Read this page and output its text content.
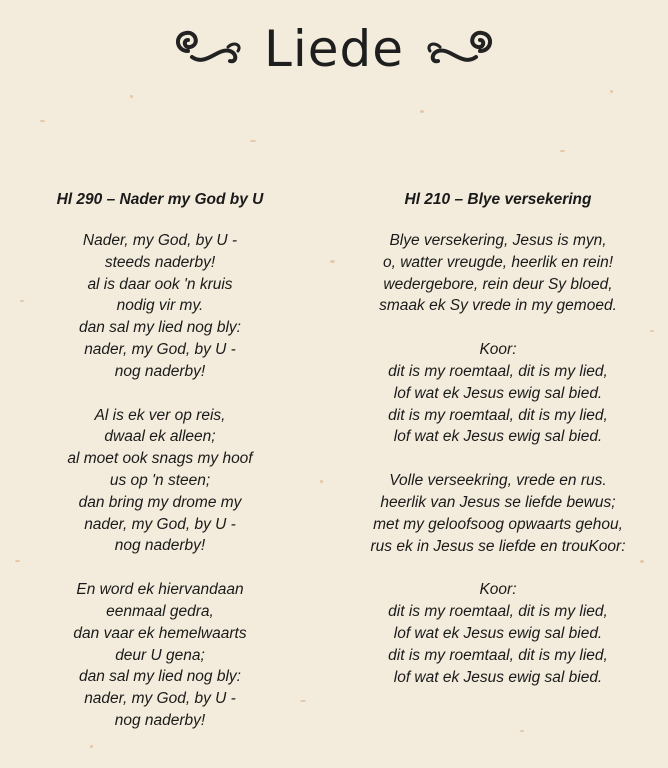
Liede
Hl 290 – Nader my God by U
Nader, my God, by U -
steeds naderby!
al is daar ook 'n kruis
nodig vir my.
dan sal my lied nog bly:
nader, my God, by U -
nog naderby!
Al is ek ver op reis,
dwaal ek alleen;
al moet ook snags my hoof
us op 'n steen;
dan bring my drome my
nader, my God, by U -
nog naderby!
En word ek hiervandaan
eenmaal gedra,
dan vaar ek hemelwaarts
deur U gena;
dan sal my lied nog bly:
nader, my God, by U -
nog naderby!
Hl 210 – Blye versekering
Blye versekering, Jesus is myn,
o, watter vreugde, heerlik en rein!
wedergebore, rein deur Sy bloed,
smaak ek Sy vrede in my gemoed.
Koor:
dit is my roemtaal, dit is my lied,
lof wat ek Jesus ewig sal bied.
dit is my roemtaal, dit is my lied,
lof wat ek Jesus ewig sal bied.
Volle verseekring, vrede en rus.
heerlik van Jesus se liefde bewus;
met my geloofsoog opwaarts gehou,
rus ek in Jesus se liefde en trouKoor:
Koor:
dit is my roemtaal, dit is my lied,
lof wat ek Jesus ewig sal bied.
dit is my roemtaal, dit is my lied,
lof wat ek Jesus ewig sal bied.
